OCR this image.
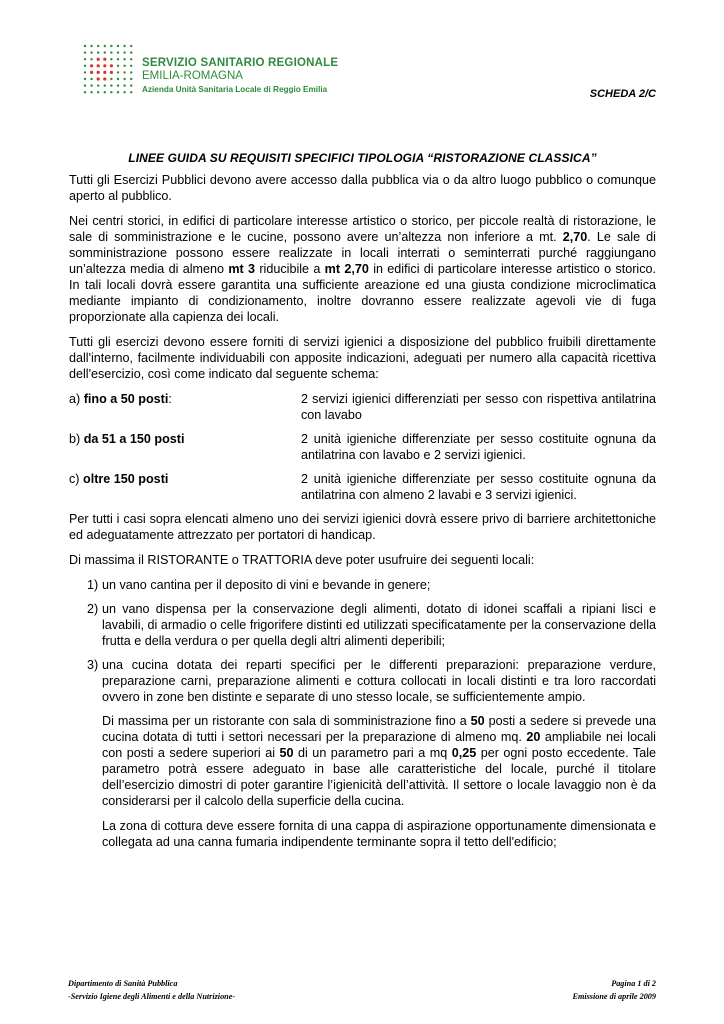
SERVIZIO SANITARIO REGIONALE
EMILIA-ROMAGNA
Azienda Unità Sanitaria Locale di Reggio Emilia	SCHEDA 2/C
LINEE GUIDA SU REQUISITI SPECIFICI TIPOLOGIA “RISTORAZIONE CLASSICA”
Tutti gli Esercizi Pubblici devono avere accesso dalla pubblica via o da altro luogo pubblico o comunque aperto al pubblico.
Nei centri storici, in edifici di particolare interesse artistico o storico, per piccole realtà di ristorazione, le sale di somministrazione e le cucine, possono avere un’altezza non inferiore a mt. 2,70. Le sale di somministrazione possono essere realizzate in locali interrati o seminterrati purché raggiungano un’altezza media di almeno mt 3 riducibile a mt 2,70 in edifici di particolare interesse artistico o storico. In tali locali dovrà essere garantita una sufficiente areazione ed una giusta condizione microclimatica mediante impianto di condizionamento, inoltre dovranno essere realizzate agevoli vie di fuga proporzionate alla capienza dei locali.
Tutti gli esercizi devono essere forniti di servizi igienici a disposizione del pubblico fruibili direttamente dall'interno, facilmente individuabili con apposite indicazioni, adeguati per numero alla capacità ricettiva dell'esercizio, così come indicato dal seguente schema:
a) fino a 50 posti:	2 servizi igienici differenziati per sesso con rispettiva antilatrina con lavabo
b) da 51 a 150 posti	2 unità igieniche differenziate per sesso costituite ognuna da antilatrina con lavabo e 2 servizi igienici.
c) oltre 150 posti	2 unità igieniche differenziate per sesso costituite ognuna da antilatrina con almeno 2 lavabi e 3 servizi igienici.
Per tutti i casi sopra elencati almeno uno dei servizi igienici dovrà essere privo di barriere architettoniche ed adeguatamente attrezzato per portatori di handicap.
Di massima il RISTORANTE o TRATTORIA deve poter usufruire dei seguenti locali:
1) un vano cantina per il deposito di vini e bevande in genere;
2) un vano dispensa per la conservazione degli alimenti, dotato di idonei scaffali a ripiani lisci e lavabili, di armadio o celle frigorifere distinti ed utilizzati specificatamente per la conservazione della frutta e della verdura o per quella degli altri alimenti deperibili;
3) una cucina dotata dei reparti specifici per le differenti preparazioni: preparazione verdure, preparazione carni, preparazione alimenti e cottura collocati in locali distinti e tra loro raccordati ovvero in zone ben distinte e separate di uno stesso locale, se sufficientemente ampio.
Di massima per un ristorante con sala di somministrazione fino a 50 posti a sedere si prevede una cucina dotata di tutti i settori necessari per la preparazione di almeno mq. 20 ampliabile nei locali con posti a sedere superiori ai 50 di un parametro pari a mq 0,25 per ogni posto eccedente. Tale parametro potrà essere adeguato in base alle caratteristiche del locale, purché il titolare dell’esercizio dimostri di poter garantire l’igienicità dell’attività. Il settore o locale lavaggio non è da considerarsi per il calcolo della superficie della cucina.
La zona di cottura deve essere fornita di una cappa di aspirazione opportunamente dimensionata e collegata ad una canna fumaria indipendente terminante sopra il tetto dell'edificio;
Dipartimento di Sanità Pubblica	Pagina 1 di 2
-Servizio Igiene degli Alimenti e della Nutrizione-	Emissione di aprile 2009
